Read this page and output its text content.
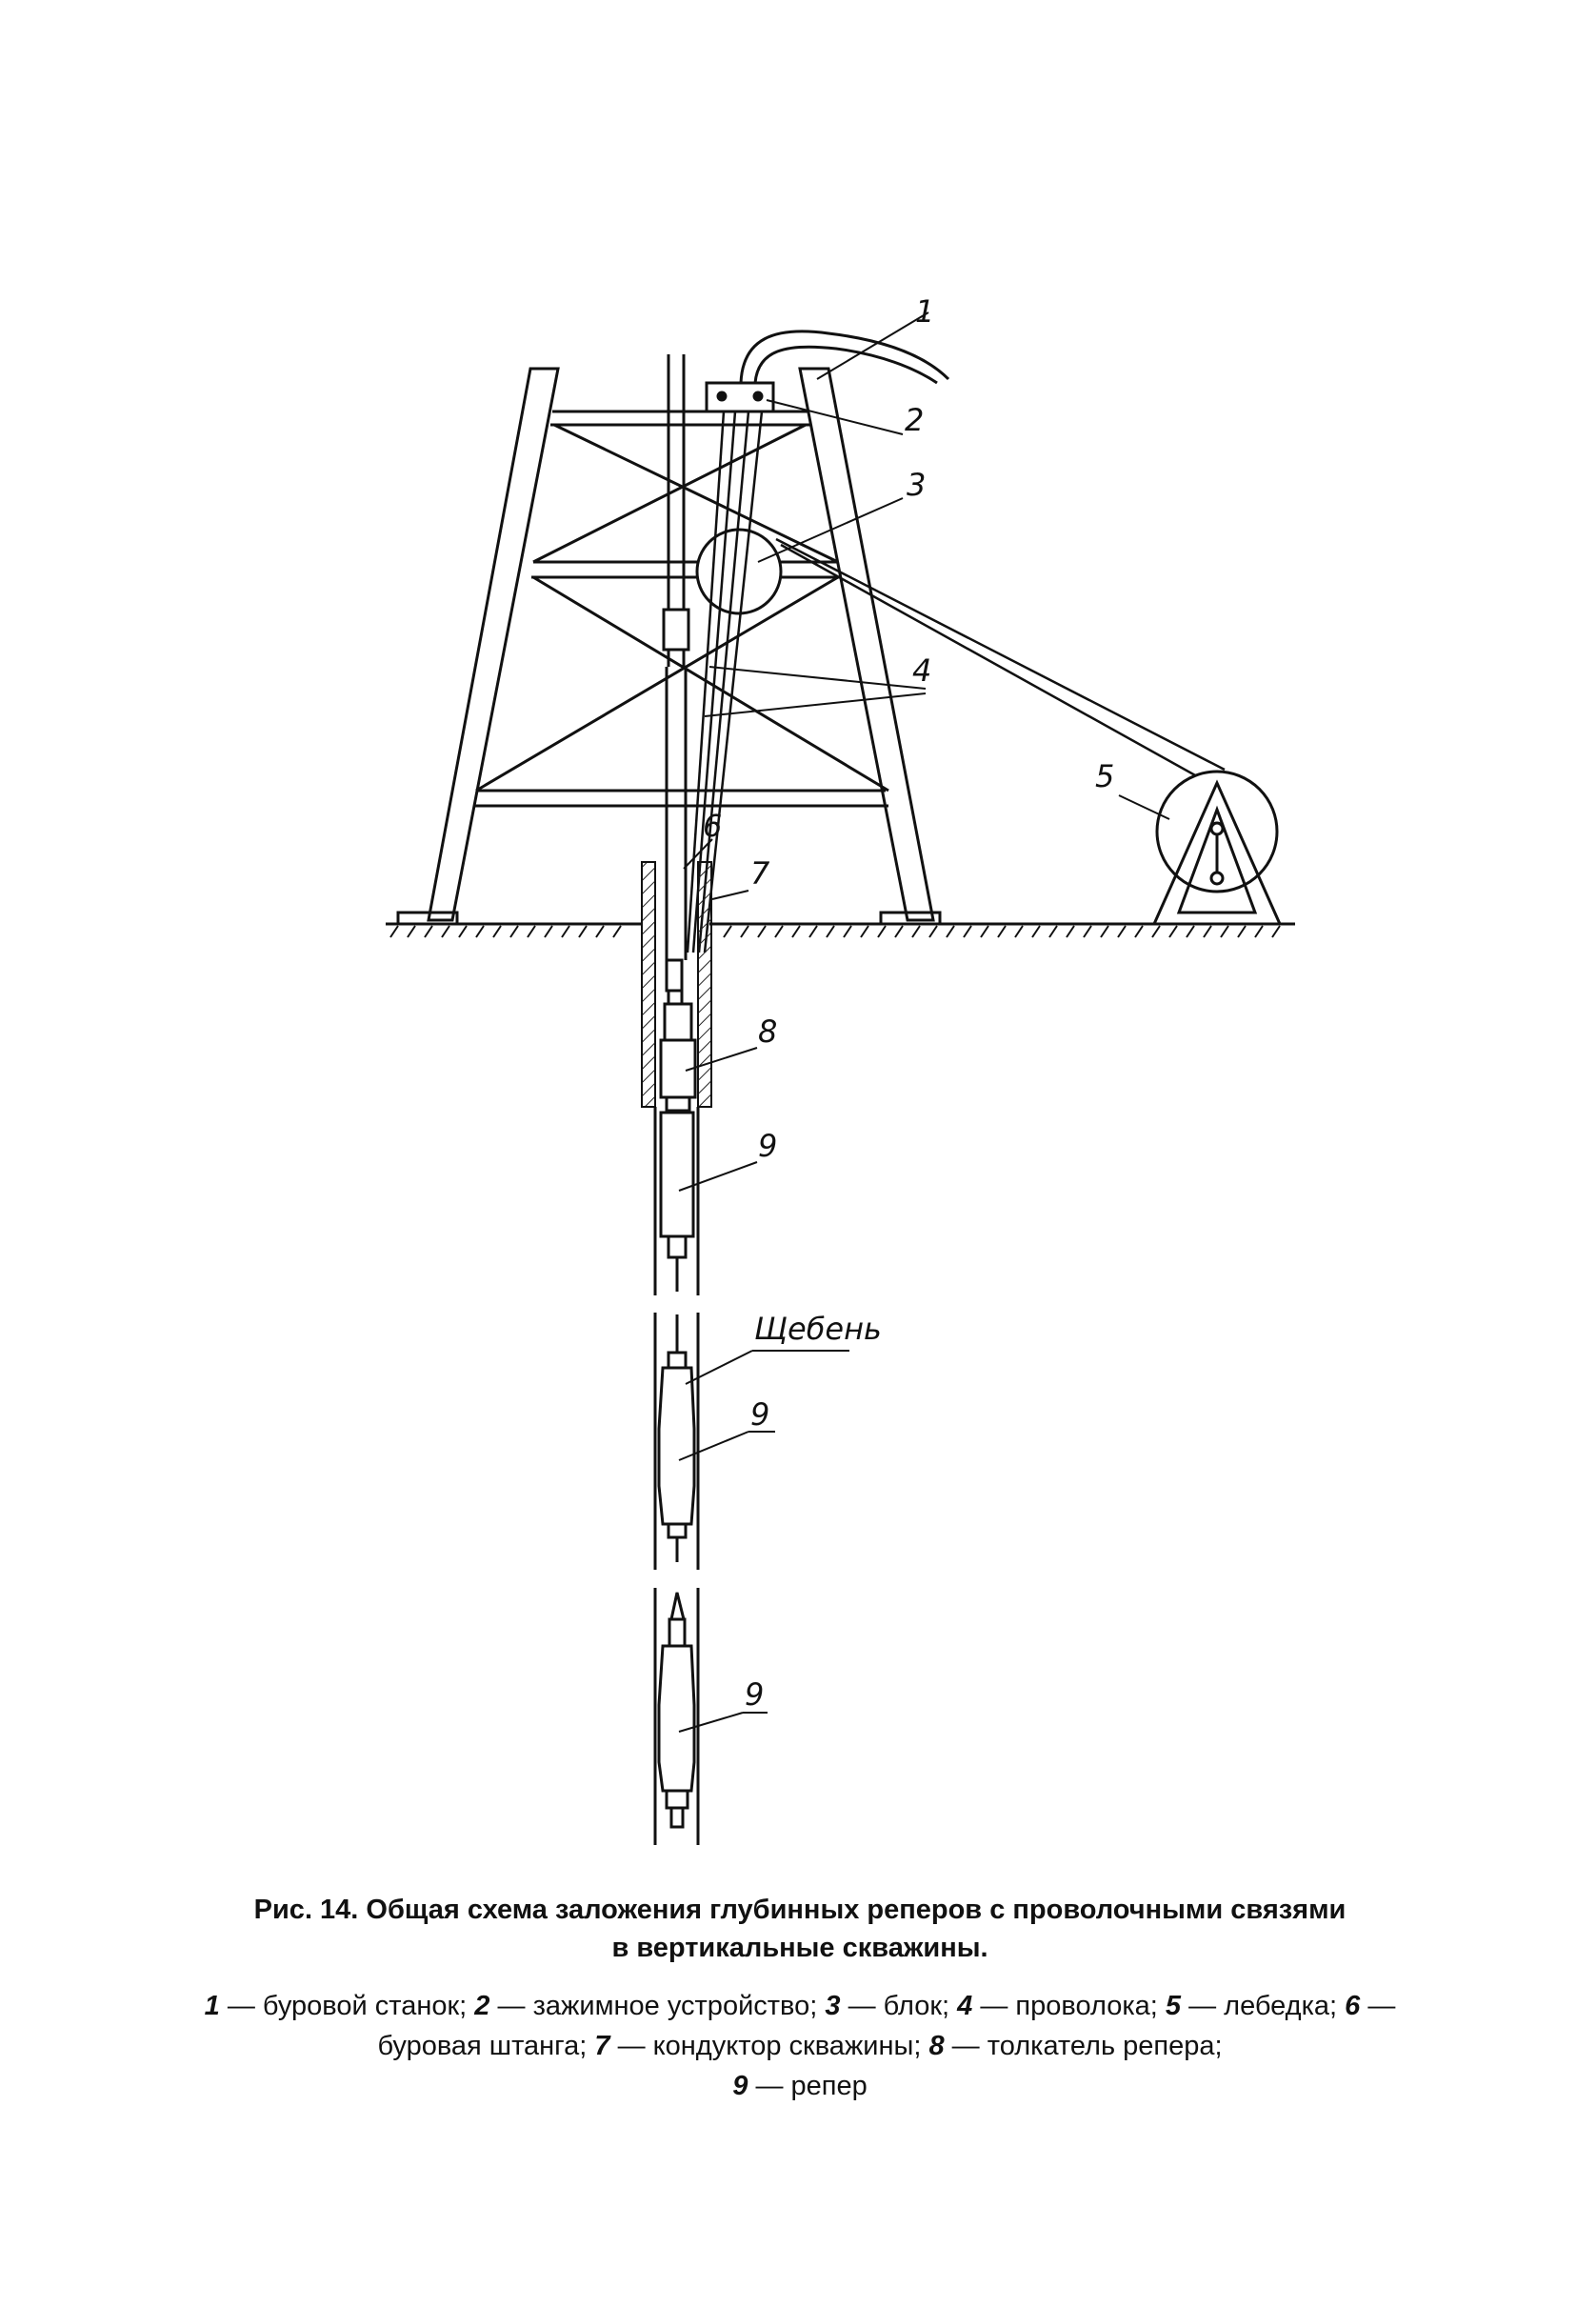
1
2
3
4
5
6
7
8
9
Щебень
9
9
Рис. 14. Общая схема заложения глубинных реперов с проволочными связями
в вертикальные скважины.
1 — буровой станок; 2 — зажимное устройство; 3 — блок; 4 — проволока; 5 — лебедка; 6 — буровая штанга; 7 — кондуктор скважины; 8 — толкатель репера;
9 — репер
